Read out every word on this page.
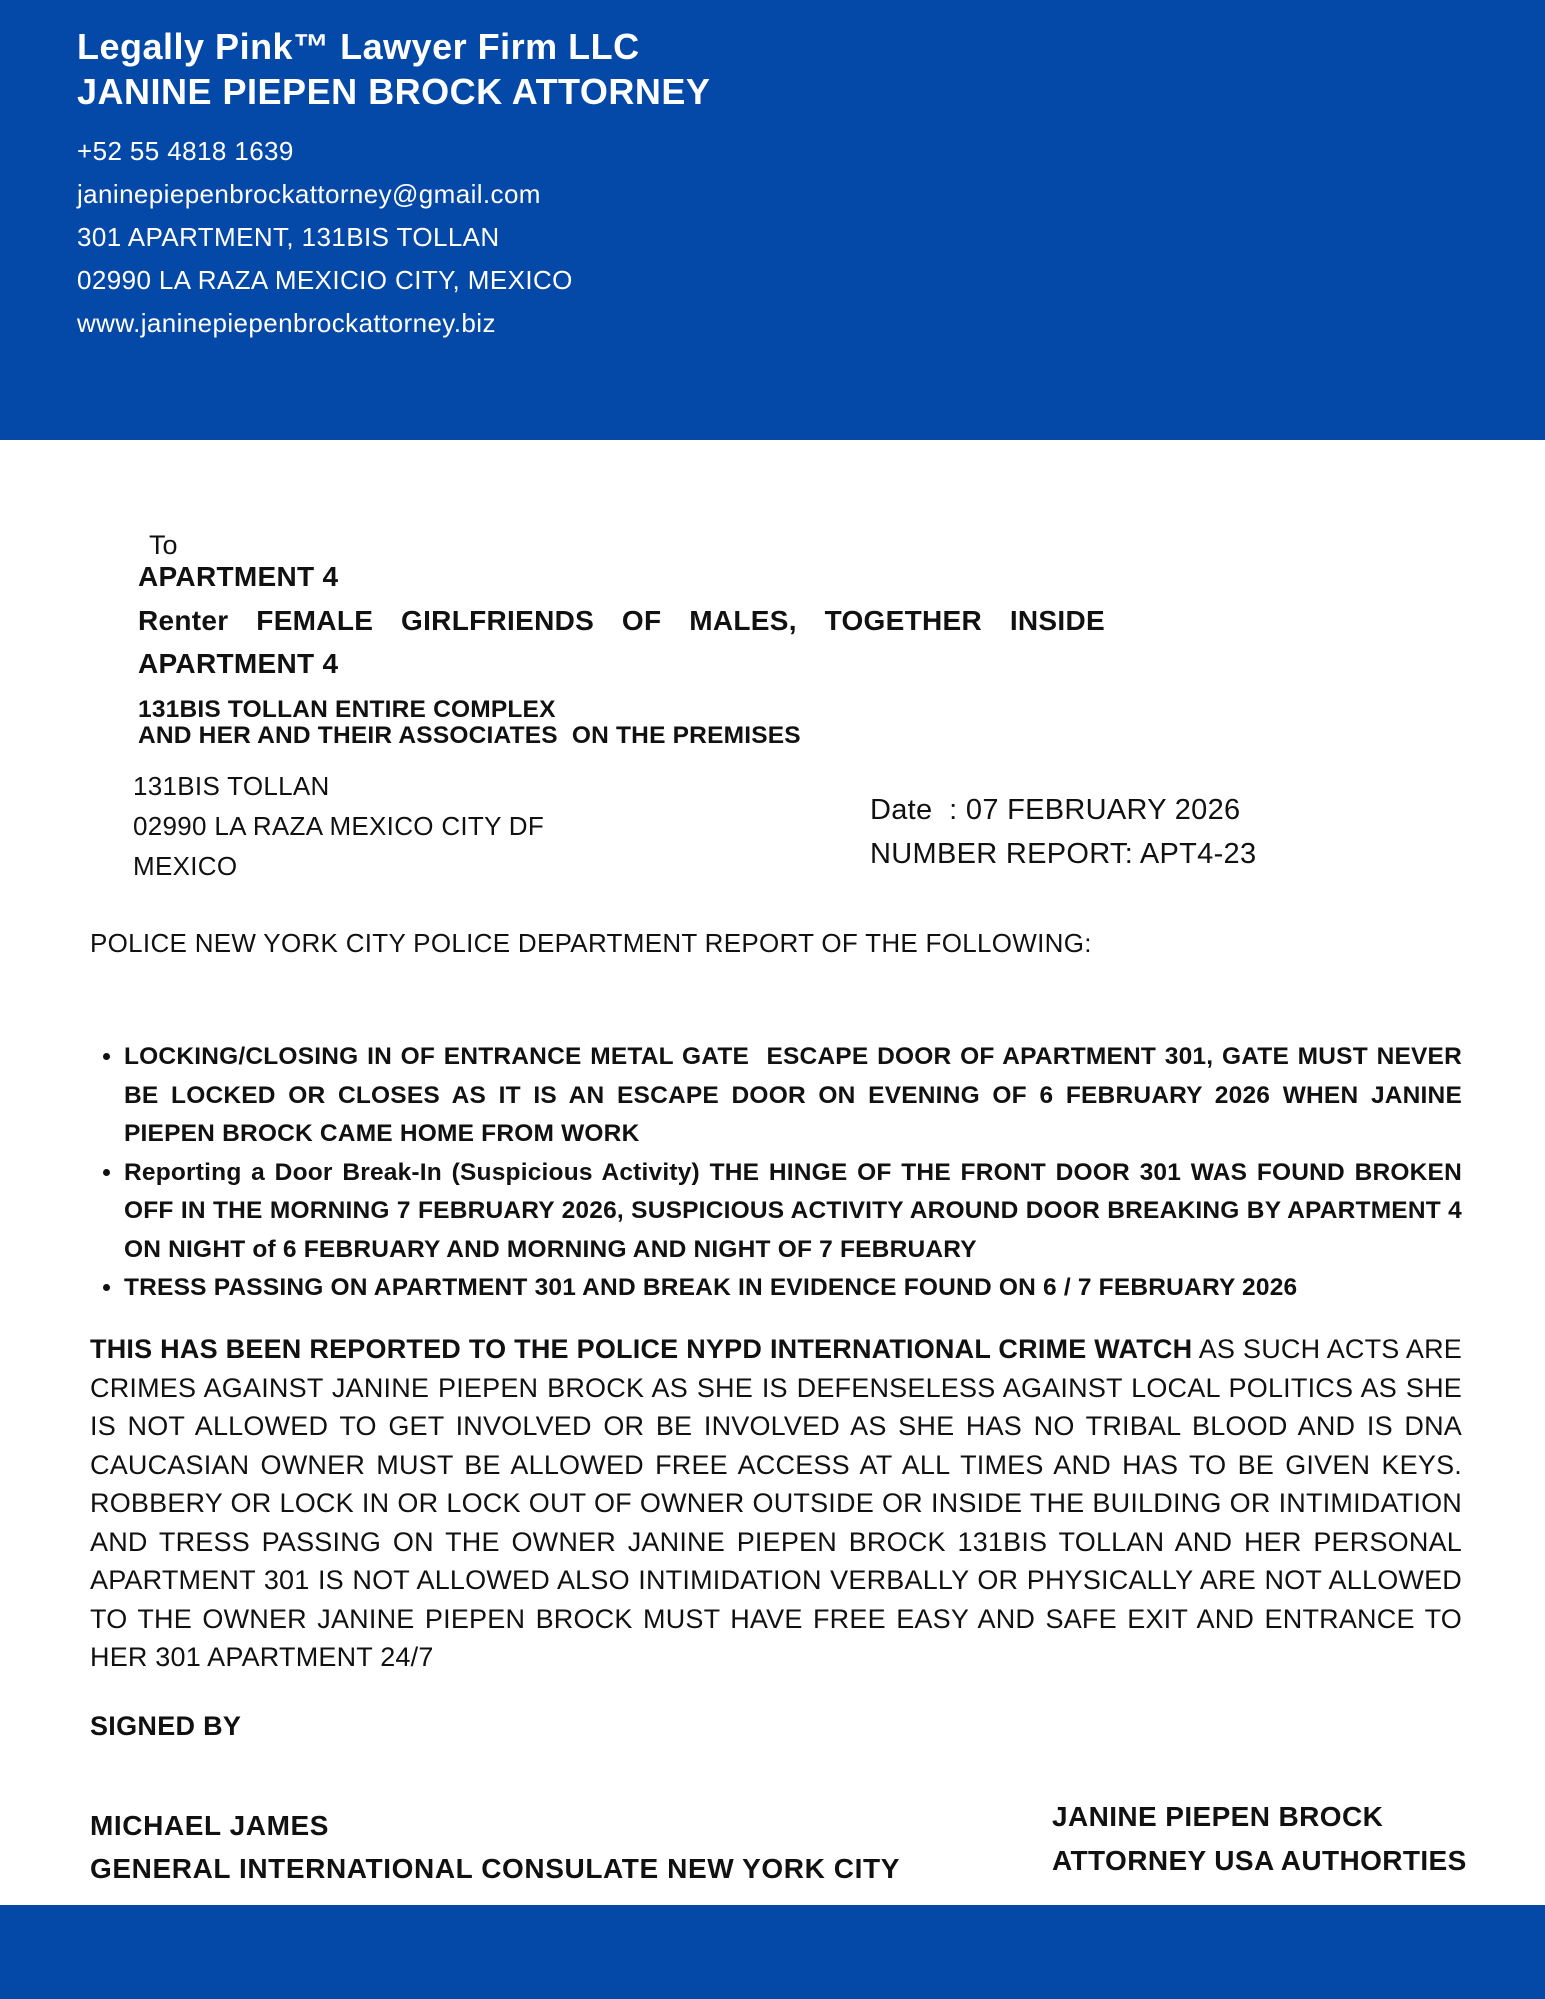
Legally Pink™ Lawyer Firm LLC
JANINE PIEPEN BROCK ATTORNEY
+52 55 4818 1639
janinepiepenbrockattorney@gmail.com
301 APARTMENT, 131BIS TOLLAN
02990 LA RAZA MEXICIO CITY, MEXICO
www.janinepiepenbrockattorney.biz
To
APARTMENT 4
Renter FEMALE GIRLFRIENDS OF MALES, TOGETHER INSIDE
APARTMENT 4
131BIS TOLLAN ENTIRE COMPLEX
AND HER AND THEIR ASSOCIATES  ON THE PREMISES
131BIS TOLLAN
02990 LA RAZA MEXICO CITY DF
MEXICO
Date  : 07 FEBRUARY 2026
NUMBER REPORT: APT4-23
POLICE NEW YORK CITY POLICE DEPARTMENT REPORT OF THE FOLLOWING:
• LOCKING/CLOSING IN OF ENTRANCE METAL GATE  ESCAPE DOOR OF APARTMENT 301, GATE MUST NEVER BE LOCKED OR CLOSES AS IT IS AN ESCAPE DOOR ON EVENING OF 6 FEBRUARY 2026 WHEN JANINE PIEPEN BROCK CAME HOME FROM WORK
• Reporting a Door Break-In (Suspicious Activity) THE HINGE OF THE FRONT DOOR 301 WAS FOUND BROKEN OFF IN THE MORNING 7 FEBRUARY 2026, SUSPICIOUS ACTIVITY AROUND DOOR BREAKING BY APARTMENT 4 ON NIGHT of 6 FEBRUARY AND MORNING AND NIGHT OF 7 FEBRUARY
• TRESS PASSING ON APARTMENT 301 AND BREAK IN EVIDENCE FOUND ON 6 / 7 FEBRUARY 2026
THIS HAS BEEN REPORTED TO THE POLICE NYPD INTERNATIONAL CRIME WATCH AS SUCH ACTS ARE CRIMES AGAINST JANINE PIEPEN BROCK AS SHE IS DEFENSELESS AGAINST LOCAL POLITICS AS SHE IS NOT ALLOWED TO GET INVOLVED OR BE INVOLVED AS SHE HAS NO TRIBAL BLOOD AND IS DNA CAUCASIAN OWNER MUST BE ALLOWED FREE ACCESS AT ALL TIMES AND HAS TO BE GIVEN KEYS. ROBBERY OR LOCK IN OR LOCK OUT OF OWNER OUTSIDE OR INSIDE THE BUILDING OR INTIMIDATION AND TRESS PASSING ON THE OWNER JANINE PIEPEN BROCK 131BIS TOLLAN AND HER PERSONAL APARTMENT 301 IS NOT ALLOWED ALSO INTIMIDATION VERBALLY OR PHYSICALLY ARE NOT ALLOWED TO THE OWNER JANINE PIEPEN BROCK MUST HAVE FREE EASY AND SAFE EXIT AND ENTRANCE TO HER 301 APARTMENT 24/7
SIGNED BY
MICHAEL JAMES
GENERAL INTERNATIONAL CONSULATE NEW YORK CITY
JANINE PIEPEN BROCK
ATTORNEY USA AUTHORTIES
